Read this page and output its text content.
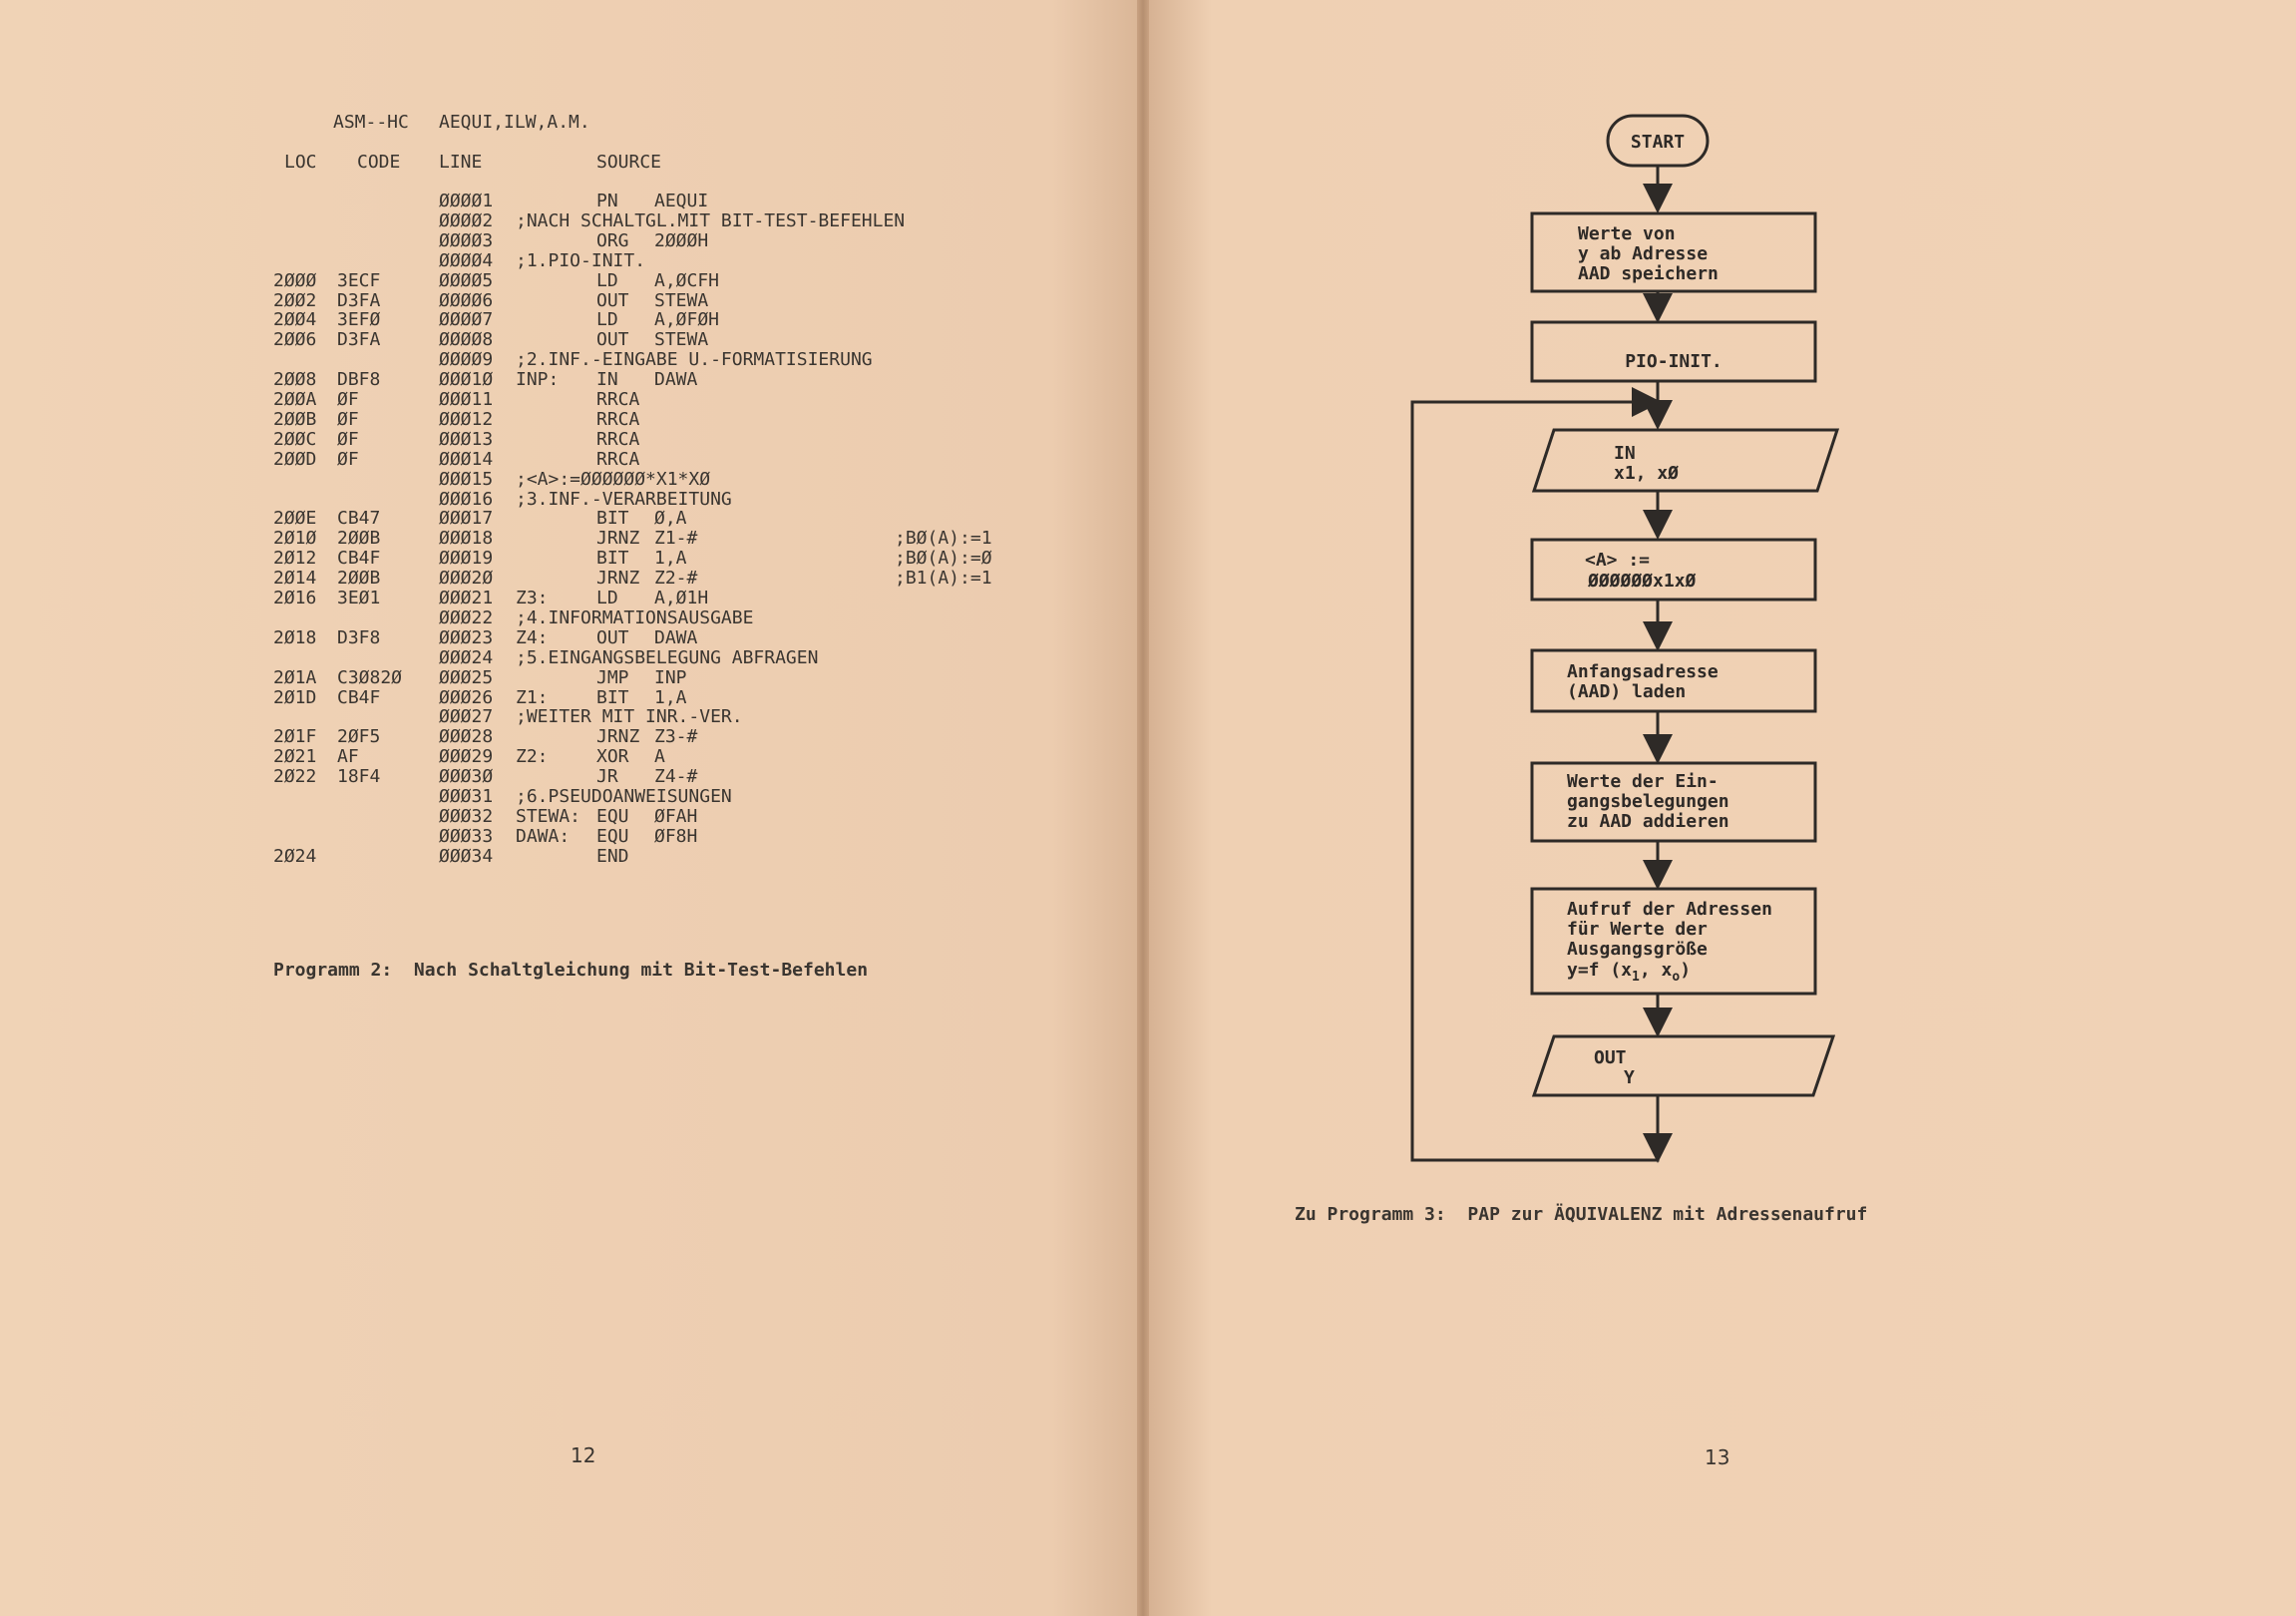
ASM--HC AEQUI,ILW,A.M.
LOC CODE LINE	SOURCE
ØØØØ1	PN AEQUI
ØØØØ2 ;NACH SCHALTGL.MIT BIT-TEST-BEFEHLEN
ØØØØ3	ORG 2ØØØH
ØØØØ4 ;1.PIO-INIT.
2ØØØ 3ECF	ØØØØ5	LD A,ØCFH
2ØØ2 D3FA	ØØØØ6	OUT STEWA
2ØØ4 3EFØ	ØØØØ7	LD A,ØFØH
2ØØ6 D3FA	ØØØØ8	OUT STEWA
ØØØØ9 ;2.INF.-EINGABE U.-FORMATISIERUNG
2ØØ8 DBF8	ØØØ1Ø INP: IN DAWA
2ØØA ØF	ØØØ11	RRCA
2ØØB ØF	ØØØ12	RRCA
2ØØC ØF	ØØØ13	RRCA
2ØØD ØF	ØØØ14	RRCA
ØØØ15 ;<A>:=ØØØØØØ*X1*XØ
ØØØ16 ;3.INF.-VERARBEITUNG
2ØØE CB47	ØØØ17	BIT Ø,A
2Ø1Ø 2ØØB	ØØØ18	JRNZ Z1-#	;BØ(A):=1
2Ø12 CB4F	ØØØ19	BIT 1,A	;BØ(A):=Ø
2Ø14 2ØØB	ØØØ2Ø	JRNZ Z2-#	;B1(A):=1
2Ø16 3EØ1	ØØØ21 Z3:	LD A,Ø1H
ØØØ22 ;4.INFORMATIONSAUSGABE
2Ø18 D3F8	ØØØ23 Z4:	OUT DAWA
ØØØ24 ;5.EINGANGSBELEGUNG ABFRAGEN
2Ø1A C3Ø82Ø ØØØ25	JMP INP
2Ø1D CB4F	ØØØ26 Z1:	BIT 1,A
ØØØ27 ;WEITER MIT INR.-VER.
2Ø1F 2ØF5	ØØØ28	JRNZ Z3-#
2Ø21 AF	ØØØ29 Z2:	XOR A
2Ø22 18F4	ØØØ3Ø	JR Z4-#
ØØØ31 ;6.PSEUDOANWEISUNGEN
ØØØ32 STEWA: EQU ØFAH
ØØØ33 DAWA: EQU ØF8H
2Ø24	ØØØ34	END
Programm 2:  Nach Schaltgleichung mit Bit-Test-Befehlen
12
START
Werte von y ab Adresse AAD speichern
PIO-INIT.
IN x1, xØ
<A> := ØØØØØØx1xØ
Anfangsadresse (AAD) laden
Werte der Ein- gangsbelegungen zu AAD addieren
Aufruf der Adressen für Werte der Ausgangsgröße
y=f ($x_1$, $x_o$)
OUT Y
Zu Programm 3:  PAP zur ÄQUIVALENZ mit Adressenaufruf
13
